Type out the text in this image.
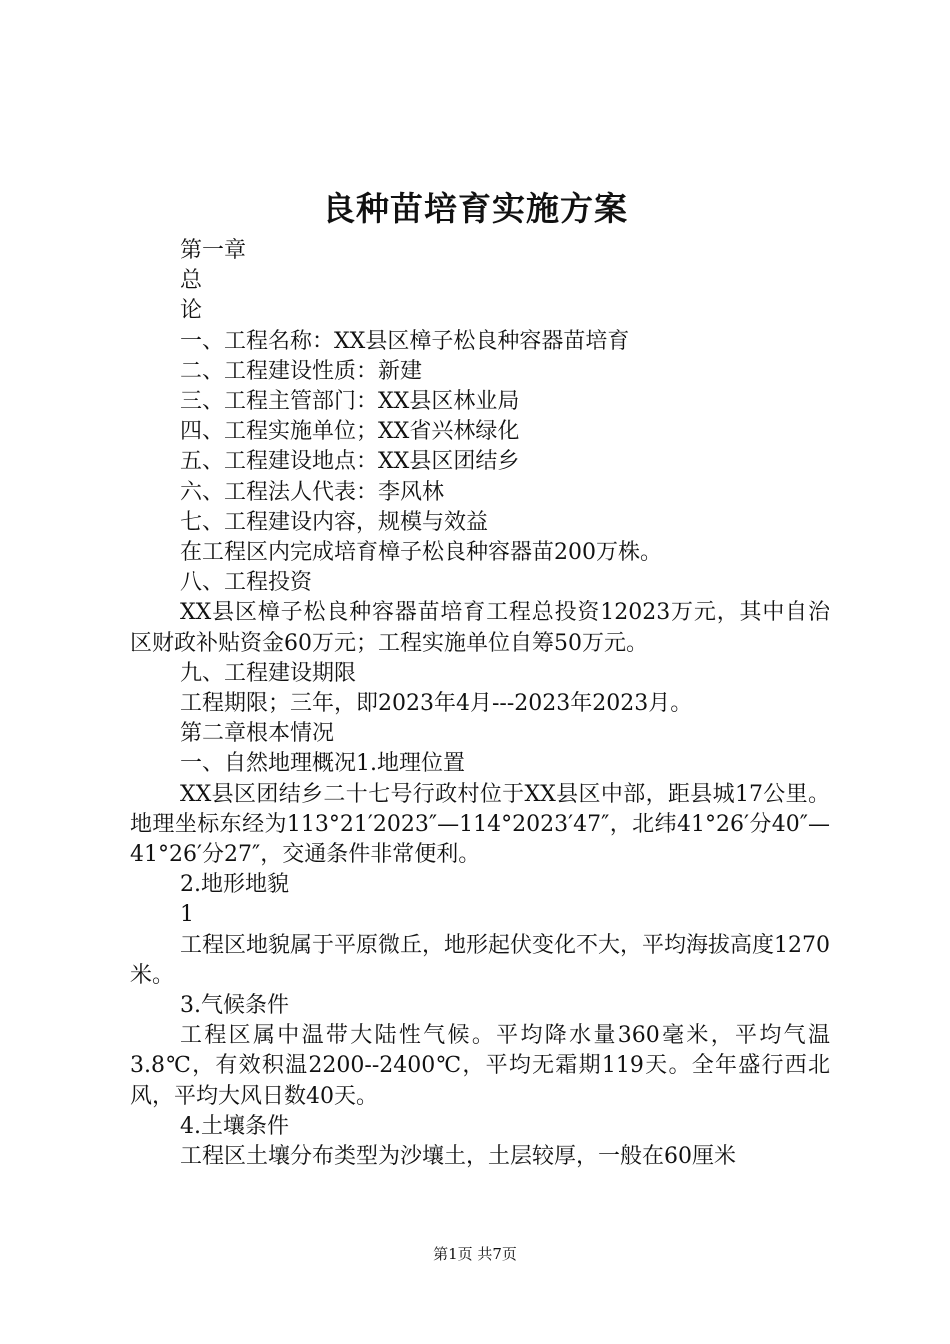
良种苗培育实施方案

第一章

总

论

一、工程名称：XX县区樟子松良种容器苗培育

二、工程建设性质：新建

三、工程主管部门：XX县区林业局

四、工程实施单位；XX省兴林绿化

五、工程建设地点：XX县区团结乡

六、工程法人代表：李风林

七、工程建设内容，规模与效益

在工程区内完成培育樟子松良种容器苗200万株。

八、工程投资

XX县区樟子松良种容器苗培育工程总投资12023万元，其中自治区财政补贴资金60万元；工程实施单位自筹50万元。

九、工程建设期限

工程期限；三年，即2023年4月---2023年2023月。

第二章根本情况

一、自然地理概况1.地理位置

XX县区团结乡二十七号行政村位于XX县区中部，距县城17公里。地理坐标东经为113°21′2023″—114°2023′47″，北纬41°26′分40″—41°26′分27″，交通条件非常便利。

2.地形地貌

1

工程区地貌属于平原微丘，地形起伏变化不大，平均海拔高度1270米。

3.气候条件

工程区属中温带大陆性气候。平均降水量360毫米，平均气温3.8℃，有效积温2200--2400℃，平均无霜期119天。全年盛行西北风，平均大风日数40天。

4.土壤条件

工程区土壤分布类型为沙壤土，土层较厚，一般在60厘米

第1页 共7页
